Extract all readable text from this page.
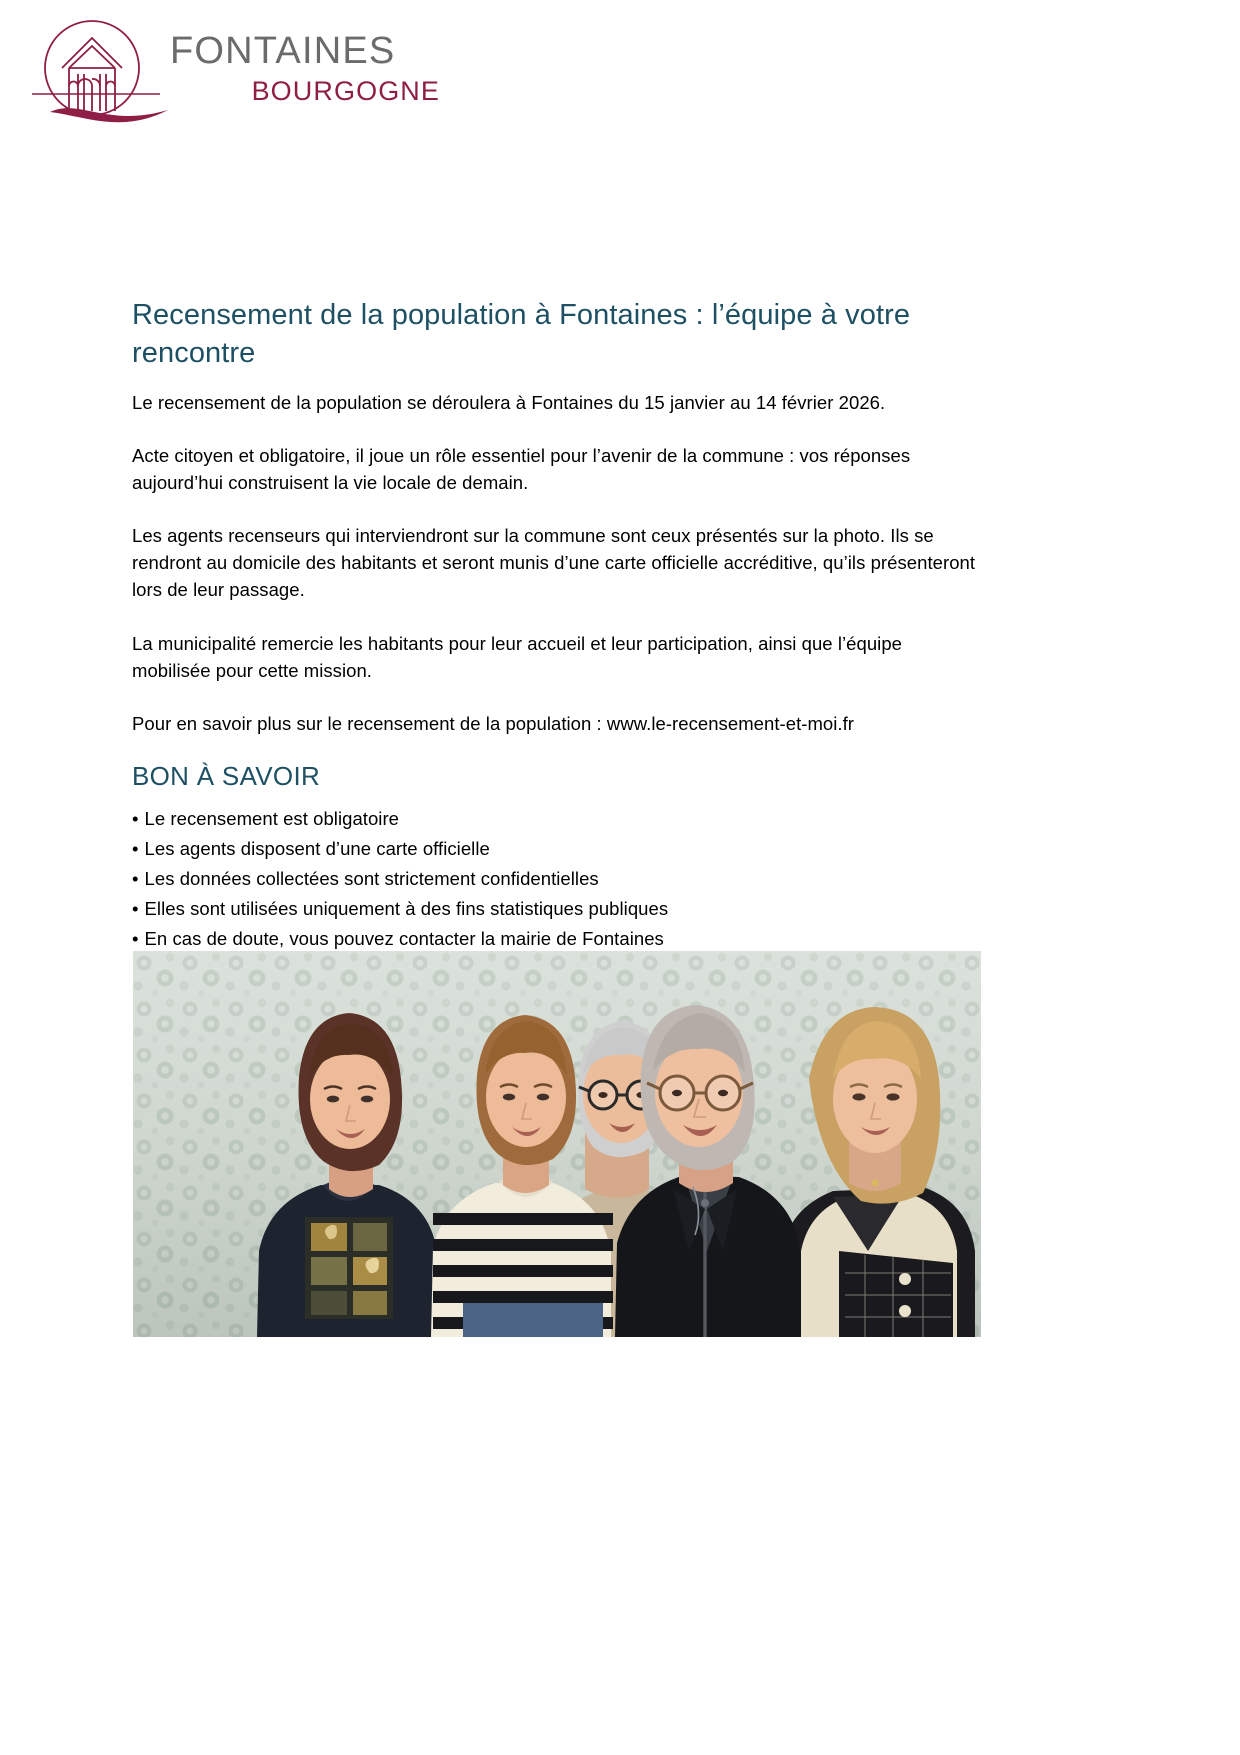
FONTAINES
BOURGOGNE
Recensement de la population à Fontaines : l’équipe à votre rencontre

Le recensement de la population se déroulera à Fontaines du 15 janvier au 14 février 2026.

Acte citoyen et obligatoire, il joue un rôle essentiel pour l’avenir de la commune : vos réponses aujourd’hui construisent la vie locale de demain.

Les agents recenseurs qui interviendront sur la commune sont ceux présentés sur la photo. Ils se rendront au domicile des habitants et seront munis d’une carte officielle accréditive, qu’ils présenteront lors de leur passage.

La municipalité remercie les habitants pour leur accueil et leur participation, ainsi que l’équipe mobilisée pour cette mission.

Pour en savoir plus sur le recensement de la population : www.le-recensement-et-moi.fr

BON À SAVOIR
• Le recensement est obligatoire
• Les agents disposent d’une carte officielle
• Les données collectées sont strictement confidentielles
• Elles sont utilisées uniquement à des fins statistiques publiques
• En cas de doute, vous pouvez contacter la mairie de Fontaines
